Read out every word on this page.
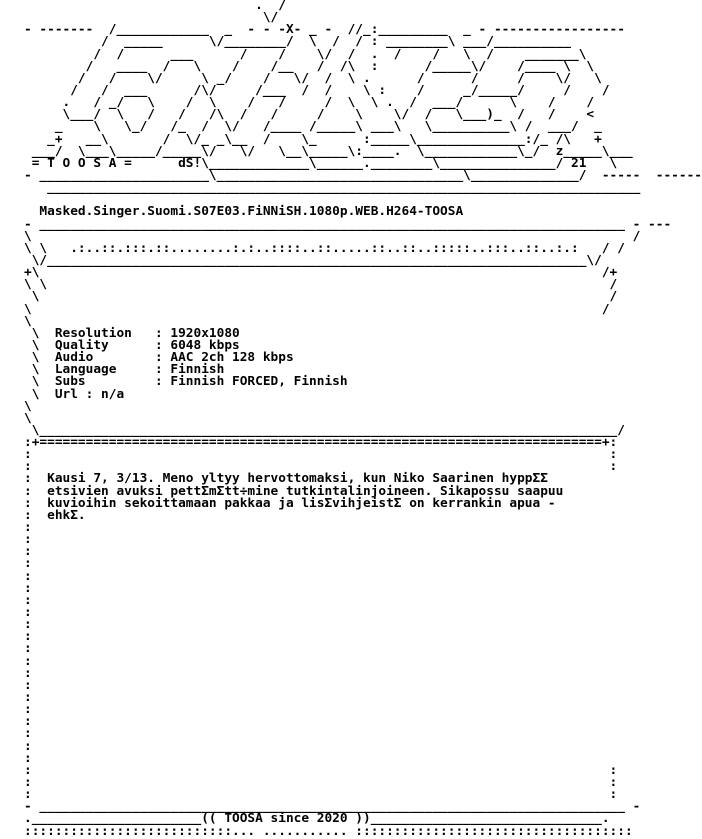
.  /
\/
- -------  /____________  _  - - -X- _ -  //_:_________  _ - -----------------
/  _____      \/________/  \  /  / : ________\ ___/__________
/  /      ___      /    /    \/  /  .  /    /   \  /    _______\
/   ____  /   \    /    /__   /  /\  :      /_____\/    /____ \  \
/   /    \/     \ _/    /   \/  /  \ .      /      /     /    \/   \
/   /  ___      /\/     /___  /  /    \ :    /     _/_____/     /    /
.   / _/   \    /  \    /   /     /  \  \ .  /  ___/      \    /    /
\___/  \   /   /   /\  /   /     /    \    \/  /   \___)_  /   /    <
_    \   \_/   /_  /  \/   /____ /_____\ ___\   \__________\ /  ___/  _
_+   __\       /  \/_ _\__  /    \_      :_____\______________:/_ /\   +
___/  \___\_____/_____\/   \/   \__\_____\:____.  \____________\_/  z_____\___
= T O O S A =      dS!\_____________\______.________\_______________/ 21   \
- ______________________\________________________________\______________/  -----  ------
_____________________________________________________________________________
Masked.Singer.Suomi.S07E03.FiNNiSH.1080p.WEB.H264-TOOSA
- ____________________________________________________________________________ - ---
\                                                                              /
\ \   .:..::.:::.::........:.:..::::..::.....::..::..:::::..:::..::..:.:   / /
\/______________________________________________________________________\/
+\                                                                         /+
\ \                                                                         /
\                                                                          /
\                                                                          /
\
\  Resolution   : 1920x1080
\  Quality      : 6048 kbps
\  Audio        : AAC 2ch 128 kbps
\  Language     : Finnish
\  Subs         : Finnish FORCED, Finnish
\  Url : n/a
\
\
\___________________________________________________________________________/
:+=========================================================================+:
:                                                                           :
:                                                                           :
:  Kausi 7, 3/13. Meno yltyy hervottomaksi, kun Niko Saarinen hyppΣΣ
:  etsivien avuksi pettΣmΣtt÷mine tutkintalinjoineen. Sikapossu saapuu
:  kuvioihin sekoittamaan pakkaa ja lisΣvihjeistΣ on kerrankin apua -
:  ehkΣ.
:
:
:
:
:
:
:
:
:
:
:
:
:
:
:
:
:
:
:
:
:                                                                           :
:                                                                           :
:                                                                           :
- ____________________________________________________________________________ -
.______________________(( TOOSA since 2020 ))______________________________.
:::::::::::::::::::::::::::... ........... ::::::::::::::::::::::::::::::::::::
